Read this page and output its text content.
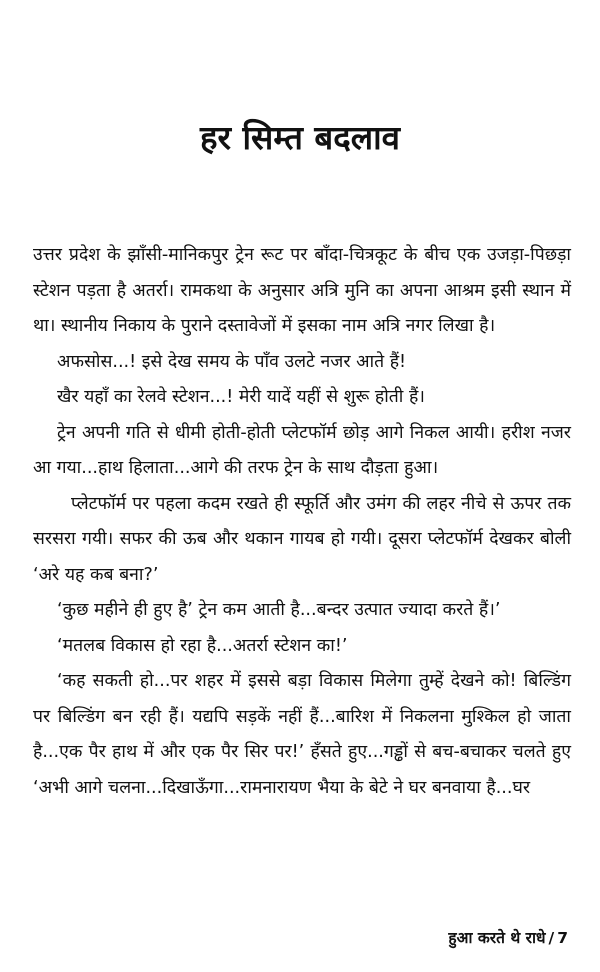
हर सिम्त बदलाव

उत्तर प्रदेश के झाँसी-मानिकपुर ट्रेन रूट पर बाँदा-चित्रकूट के बीच एक उजड़ा-पिछड़ा स्टेशन पड़ता है अतर्रा। रामकथा के अनुसार अत्रि मुनि का अपना आश्रम इसी स्थान में था। स्थानीय निकाय के पुराने दस्तावेजों में इसका नाम अत्रि नगर लिखा है।

अफसोस...! इसे देख समय के पाँव उलटे नजर आते हैं!

खैर यहाँ का रेलवे स्टेशन...! मेरी यादें यहीं से शुरू होती हैं।

ट्रेन अपनी गति से धीमी होती-होती प्लेटफॉर्म छोड़ आगे निकल आयी। हरीश नजर आ गया...हाथ हिलाता...आगे की तरफ ट्रेन के साथ दौड़ता हुआ।

प्लेटफॉर्म पर पहला कदम रखते ही स्फूर्ति और उमंग की लहर नीचे से ऊपर तक सरसरा गयी। सफर की ऊब और थकान गायब हो गयी। दूसरा प्लेटफॉर्म देखकर बोली ‘अरे यह कब बना?’

‘कुछ महीने ही हुए है’ ट्रेन कम आती है...बन्दर उत्पात ज्यादा करते हैं।’

‘मतलब विकास हो रहा है...अतर्रा स्टेशन का!’

‘कह सकती हो...पर शहर में इससे बड़ा विकास मिलेगा तुम्हें देखने को! बिल्डिंग पर बिल्डिंग बन रही हैं। यद्यपि सड़कें नहीं हैं...बारिश में निकलना मुश्किल हो जाता है...एक पैर हाथ में और एक पैर सिर पर!’ हँसते हुए...गड्ढों से बच-बचाकर चलते हुए ‘अभी आगे चलना...दिखाऊँगा...रामनारायण भैया के बेटे ने घर बनवाया है...घर

हुआ करते थे राधे / 7
